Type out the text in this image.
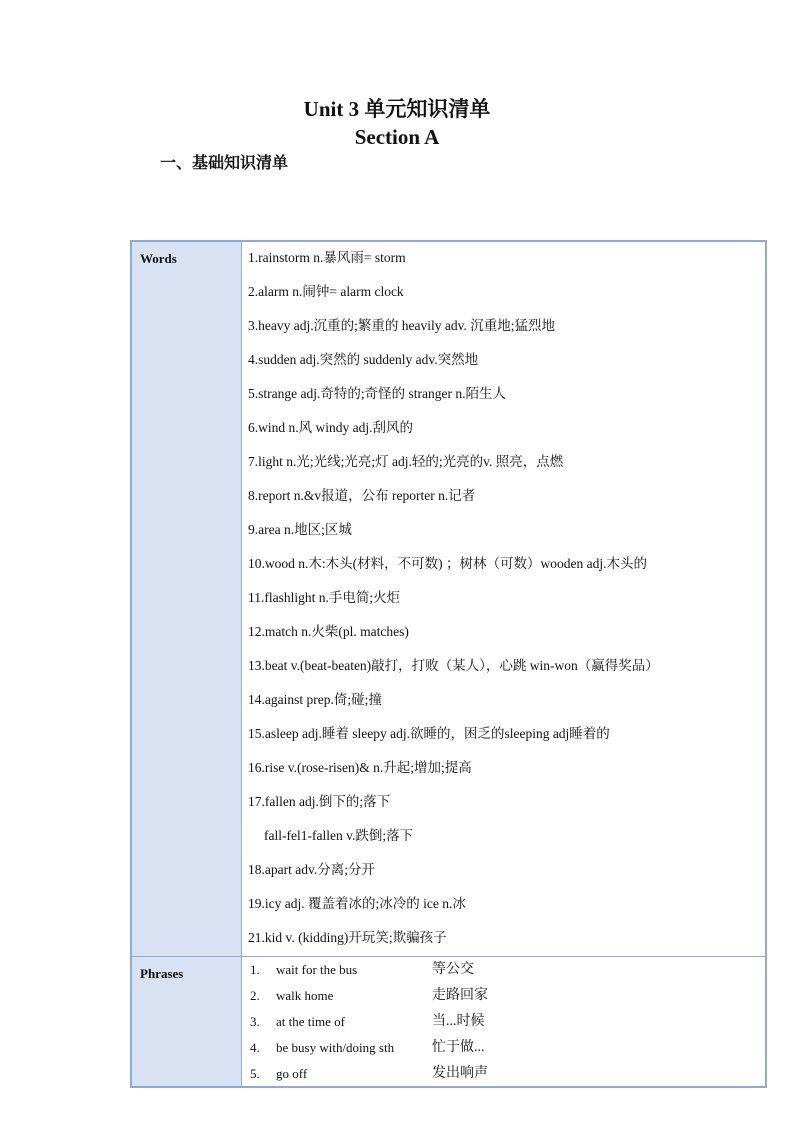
Unit 3 单元知识清单
Section A
一、基础知识清单
Words	1.rainstorm n.暴风雨= storm
2.alarm n.闹钟= alarm clock
3.heavy adj.沉重的;繁重的 heavily adv. 沉重地;猛烈地
4.sudden adj.突然的 suddenly adv.突然地
5.strange adj.奇特的;奇怪的 stranger n.陌生人
6.wind n.风 windy adj.刮风的
7.light n.光;光线;光亮;灯 adj.轻的;光亮的v. 照亮，点燃
8.report n.&v报道，公布 reporter n.记者
9.area n.地区;区城
10.wood n.木:木头(材料，不可数) ；树林（可数）wooden adj.木头的
11.flashlight n.手电简;火炬
12.match n.火柴(pl. matches)
13.beat v.(beat-beaten)敲打，打败（某人），心跳 win-won（赢得奖品）
14.against prep.倚;碰;撞
15.asleep adj.睡着 sleepy adj.欲睡的，困乏的sleeping adj睡着的
16.rise v.(rose-risen)& n.升起;增加;提高
17.fallen adj.倒下的;落下
fall-fel1-fallen v.跌倒;落下
18.apart adv.分离;分开
19.icy adj. 覆盖着冰的;冰冷的 ice n.冰
21.kid v. (kidding)开玩笑;欺骗孩子
Phrases	1. wait for the bus	等公交
2. walk home	走路回家
3. at the time of	当...时候
4. be busy with/doing sth	忙于做...
5. go off	发出响声
